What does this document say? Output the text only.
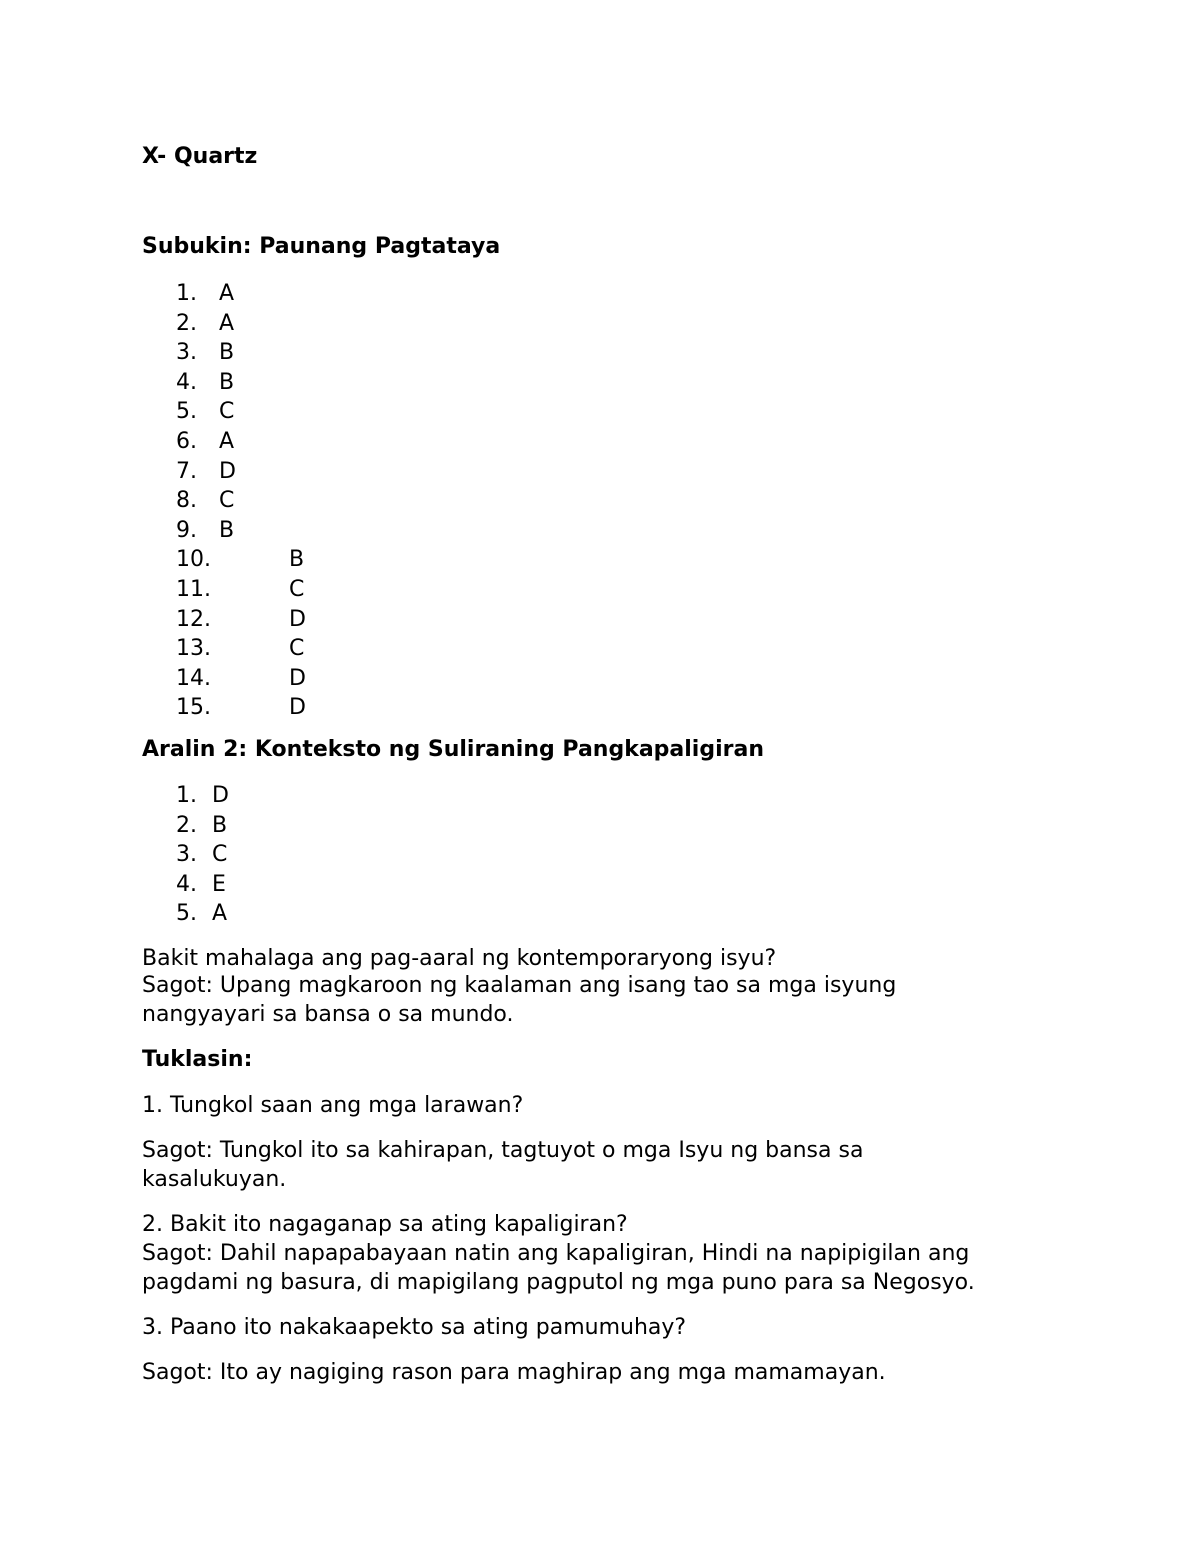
X- Quartz
Subukin: Paunang Pagtataya
1. A
2. A
3. B
4. B
5. C
6. A
7. D
8. C
9. B
10.	B
11.	C
12.	D
13.	C
14.	D
15.	D
Aralin 2: Konteksto ng Suliraning Pangkapaligiran
1. D
2. B
3. C
4. E
5. A
Bakit mahalaga ang pag-aaral ng kontemporaryong isyu?
Sagot: Upang magkaroon ng kaalaman ang isang tao sa mga isyung
nangyayari sa bansa o sa mundo.
Tuklasin:
1. Tungkol saan ang mga larawan?
Sagot: Tungkol ito sa kahirapan, tagtuyot o mga Isyu ng bansa sa
kasalukuyan.
2. Bakit ito nagaganap sa ating kapaligiran?
Sagot: Dahil napapabayaan natin ang kapaligiran, Hindi na napipigilan ang
pagdami ng basura, di mapigilang pagputol ng mga puno para sa Negosyo.
3. Paano ito nakakaapekto sa ating pamumuhay?
Sagot: Ito ay nagiging rason para maghirap ang mga mamamayan.
